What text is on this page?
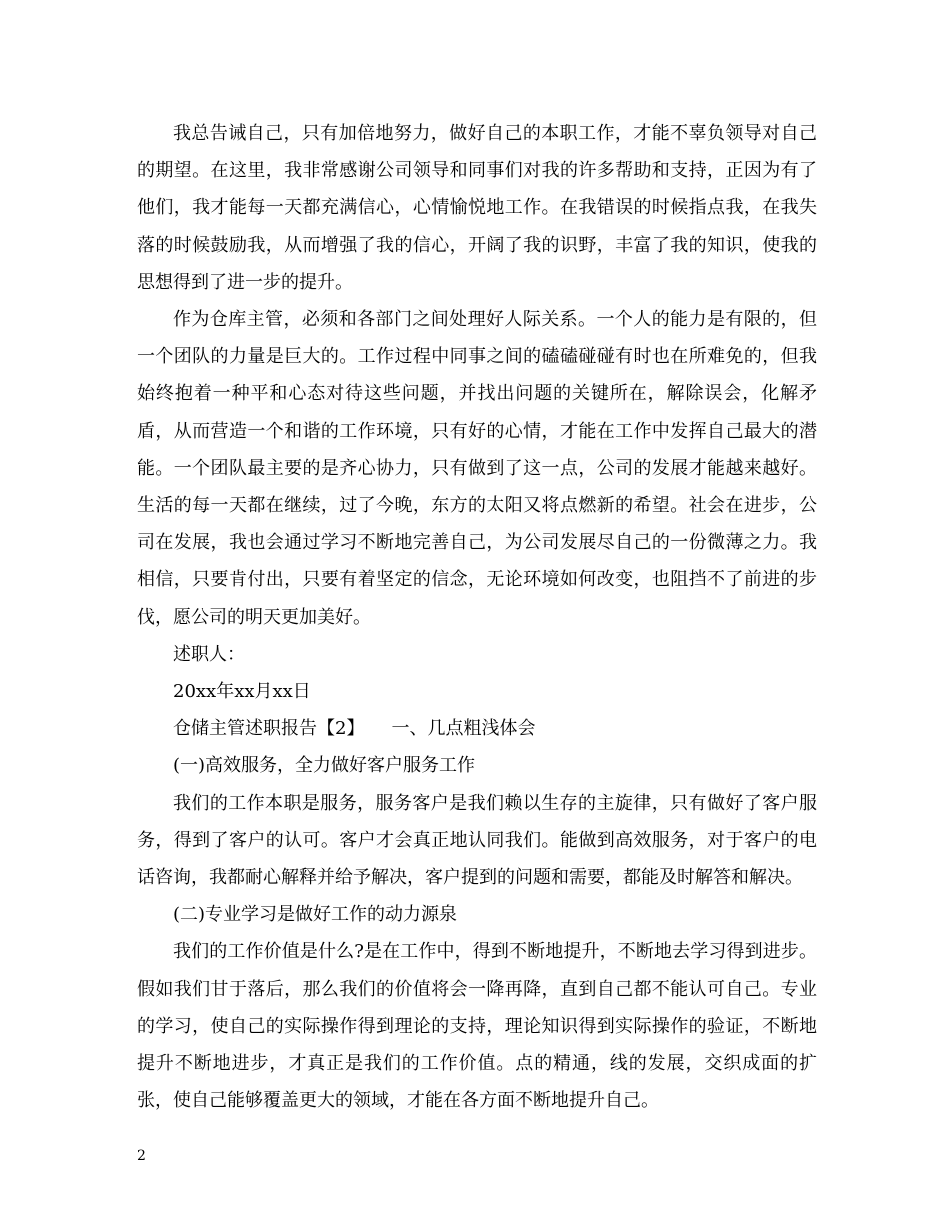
我总告诫自己，只有加倍地努力，做好自己的本职工作，才能不辜负领导对自己的期望。在这里，我非常感谢公司领导和同事们对我的许多帮助和支持，正因为有了他们，我才能每一天都充满信心，心情愉悦地工作。在我错误的时候指点我，在我失落的时候鼓励我，从而增强了我的信心，开阔了我的识野，丰富了我的知识，使我的思想得到了进一步的提升。

作为仓库主管，必须和各部门之间处理好人际关系。一个人的能力是有限的，但一个团队的力量是巨大的。工作过程中同事之间的磕磕碰碰有时也在所难免的，但我始终抱着一种平和心态对待这些问题，并找出问题的关键所在，解除误会，化解矛盾，从而营造一个和谐的工作环境，只有好的心情，才能在工作中发挥自己最大的潜能。一个团队最主要的是齐心协力，只有做到了这一点，公司的发展才能越来越好。生活的每一天都在继续，过了今晚，东方的太阳又将点燃新的希望。社会在进步，公司在发展，我也会通过学习不断地完善自己，为公司发展尽自己的一份微薄之力。我相信，只要肯付出，只要有着坚定的信念，无论环境如何改变，也阻挡不了前进的步伐，愿公司的明天更加美好。

述职人：

20xx年xx月xx日

仓储主管述职报告【2】　　一、几点粗浅体会

(一)高效服务，全力做好客户服务工作

我们的工作本职是服务，服务客户是我们赖以生存的主旋律，只有做好了客户服务，得到了客户的认可。客户才会真正地认同我们。能做到高效服务，对于客户的电话咨询，我都耐心解释并给予解决，客户提到的问题和需要，都能及时解答和解决。

(二)专业学习是做好工作的动力源泉

我们的工作价值是什么?是在工作中，得到不断地提升，不断地去学习得到进步。假如我们甘于落后，那么我们的价值将会一降再降，直到自己都不能认可自己。专业的学习，使自己的实际操作得到理论的支持，理论知识得到实际操作的验证，不断地提升不断地进步，才真正是我们的工作价值。点的精通，线的发展，交织成面的扩张，使自己能够覆盖更大的领域，才能在各方面不断地提升自己。

2
